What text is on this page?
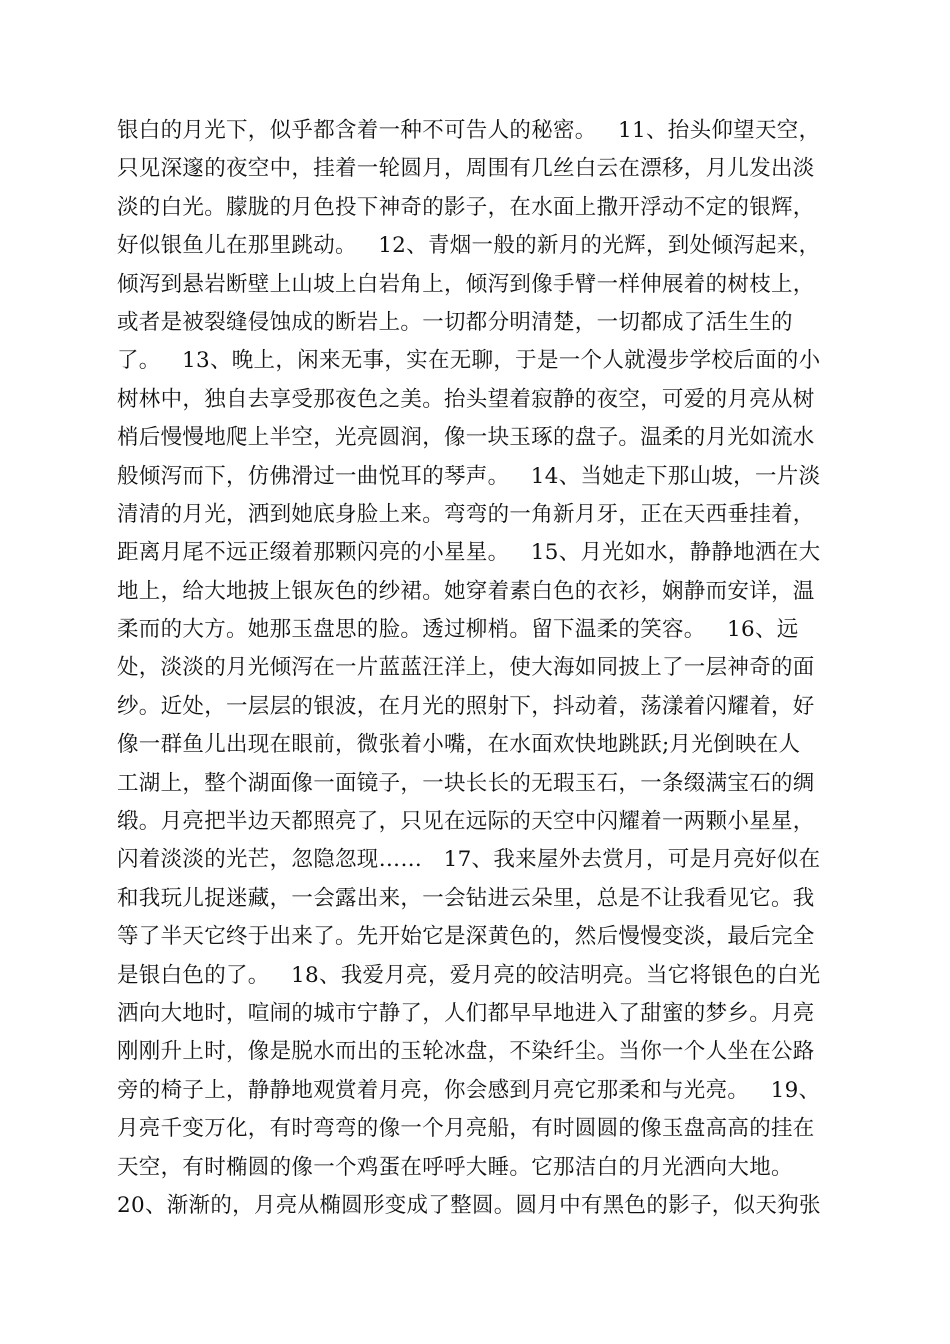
银白的月光下，似乎都含着一种不可告人的秘密。   11、抬头仰望天空，
只见深邃的夜空中，挂着一轮圆月，周围有几丝白云在漂移，月儿发出淡
淡的白光。朦胧的月色投下神奇的影子，在水面上撒开浮动不定的银辉，
好似银鱼儿在那里跳动。   12、青烟一般的新月的光辉，到处倾泻起来，
倾泻到悬岩断壁上山坡上白岩角上，倾泻到像手臂一样伸展着的树枝上，
或者是被裂缝侵蚀成的断岩上。一切都分明清楚，一切都成了活生生的
了。   13、晚上，闲来无事，实在无聊，于是一个人就漫步学校后面的小
树林中，独自去享受那夜色之美。抬头望着寂静的夜空，可爱的月亮从树
梢后慢慢地爬上半空，光亮圆润，像一块玉琢的盘子。温柔的月光如流水
般倾泻而下，仿佛滑过一曲悦耳的琴声。   14、当她走下那山坡，一片淡
清清的月光，洒到她底身脸上来。弯弯的一角新月牙，正在天西垂挂着，
距离月尾不远正缀着那颗闪亮的小星星。   15、月光如水，静静地洒在大
地上，给大地披上银灰色的纱裙。她穿着素白色的衣衫，娴静而安详，温
柔而的大方。她那玉盘思的脸。透过柳梢。留下温柔的笑容。   16、远
处，淡淡的月光倾泻在一片蓝蓝汪洋上，使大海如同披上了一层神奇的面
纱。近处，一层层的银波，在月光的照射下，抖动着，荡漾着闪耀着，好
像一群鱼儿出现在眼前，微张着小嘴，在水面欢快地跳跃;月光倒映在人
工湖上，整个湖面像一面镜子，一块长长的无瑕玉石，一条缀满宝石的绸
缎。月亮把半边天都照亮了，只见在远际的天空中闪耀着一两颗小星星，
闪着淡淡的光芒，忽隐忽现……   17、我来屋外去赏月，可是月亮好似在
和我玩儿捉迷藏，一会露出来，一会钻进云朵里，总是不让我看见它。我
等了半天它终于出来了。先开始它是深黄色的，然后慢慢变淡，最后完全
是银白色的了。   18、我爱月亮，爱月亮的皎洁明亮。当它将银色的白光
洒向大地时，喧闹的城市宁静了，人们都早早地进入了甜蜜的梦乡。月亮
刚刚升上时，像是脱水而出的玉轮冰盘，不染纤尘。当你一个人坐在公路
旁的椅子上，静静地观赏着月亮，你会感到月亮它那柔和与光亮。   19、
月亮千变万化，有时弯弯的像一个月亮船，有时圆圆的像玉盘高高的挂在
天空，有时椭圆的像一个鸡蛋在呼呼大睡。它那洁白的月光洒向大地。
20、渐渐的，月亮从椭圆形变成了整圆。圆月中有黑色的影子，似天狗张
